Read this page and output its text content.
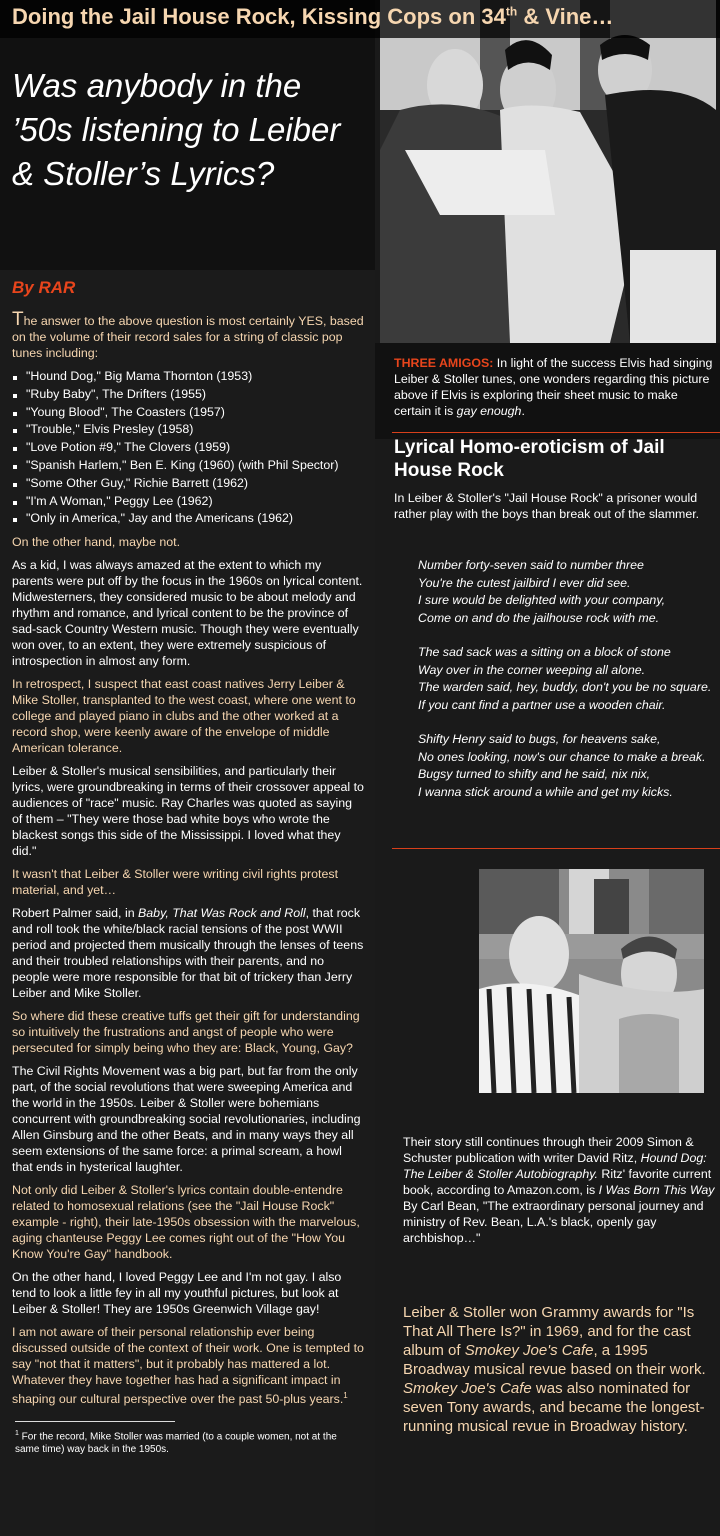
Doing the Jail House Rock, Kissing Cops on 34th & Vine…
Was anybody in the ’50s listening to Leiber & Stoller’s Lyrics?
By RAR

The answer to the above question is most certainly YES, based on the volume of their record sales for a string of classic pop tunes including:

"Hound Dog," Big Mama Thornton (1953)
"Ruby Baby", The Drifters (1955)
"Young Blood", The Coasters (1957)
"Trouble," Elvis Presley (1958)
"Love Potion #9," The Clovers (1959)
"Spanish Harlem," Ben E. King (1960) (with Phil Spector)
"Some Other Guy," Richie Barrett (1962)
"I'm A Woman," Peggy Lee (1962)
"Only in America," Jay and the Americans (1962)

On the other hand, maybe not.

As a kid, I was always amazed at the extent to which my parents were put off by the focus in the 1960s on lyrical content. Midwesterners, they considered music to be about melody and rhythm and romance, and lyrical content to be the province of sad-sack Country Western music. Though they were eventually won over, to an extent, they were extremely suspicious of introspection in almost any form.

In retrospect, I suspect that east coast natives Jerry Leiber & Mike Stoller, transplanted to the west coast, where one went to college and played piano in clubs and the other worked at a record shop, were keenly aware of the envelope of middle American tolerance.

Leiber & Stoller's musical sensibilities, and particularly their lyrics, were groundbreaking in terms of their crossover appeal to audiences of "race" music. Ray Charles was quoted as saying of them – "They were those bad white boys who wrote the blackest songs this side of the Mississippi. I loved what they did."

It wasn't that Leiber & Stoller were writing civil rights protest material, and yet…

Robert Palmer said, in Baby, That Was Rock and Roll, that rock and roll took the white/black racial tensions of the post WWII period and projected them musically through the lenses of teens and their troubled relationships with their parents, and no people were more responsible for that bit of trickery than Jerry Leiber and Mike Stoller.

So where did these creative tuffs get their gift for understanding so intuitively the frustrations and angst of people who were persecuted for simply being who they are: Black, Young, Gay?

The Civil Rights Movement was a big part, but far from the only part, of the social revolutions that were sweeping America and the world in the 1950s. Leiber & Stoller were bohemians concurrent with groundbreaking social revolutionaries, including Allen Ginsburg and the other Beats, and in many ways they all seem extensions of the same force: a primal scream, a howl that ends in hysterical laughter.

Not only did Leiber & Stoller's lyrics contain double-entendre related to homosexual relations (see the "Jail House Rock" example - right), their late-1950s obsession with the marvelous, aging chanteuse Peggy Lee comes right out of the "How You Know You're Gay" handbook.

On the other hand, I loved Peggy Lee and I'm not gay. I also tend to look a little fey in all my youthful pictures, but look at Leiber & Stoller! They are 1950s Greenwich Village gay!

I am not aware of their personal relationship ever being discussed outside of the context of their work. One is tempted to say "not that it matters", but it probably has mattered a lot. Whatever they have together has had a significant impact in shaping our cultural perspective over the past 50-plus years.$^1$

$^1$ For the record, Mike Stoller was married (to a couple women, not at the same time) way back in the 1950s.
THREE AMIGOS: In light of the success Elvis had singing Leiber & Stoller tunes, one wonders regarding this picture above if Elvis is exploring their sheet music to make certain it is gay enough.
Lyrical Homo-eroticism of Jail House Rock
In Leiber & Stoller's "Jail House Rock" a prisoner would rather play with the boys than break out of the slammer.
Number forty-seven said to number three
You're the cutest jailbird I ever did see.
I sure would be delighted with your company,
Come on and do the jailhouse rock with me.
The sad sack was a sitting on a block of stone
Way over in the corner weeping all alone.
The warden said, hey, buddy, don't you be no square.
If you cant find a partner use a wooden chair.
Shifty Henry said to bugs, for heavens sake,
No ones looking, now's our chance to make a break.
Bugsy turned to shifty and he said, nix nix,
I wanna stick around a while and get my kicks.
Their story still continues through their 2009 Simon & Schuster publication with writer David Ritz, Hound Dog: The Leiber & Stoller Autobiography. Ritz' favorite current book, according to Amazon.com, is I Was Born This Way By Carl Bean, "The extraordinary personal journey and ministry of Rev. Bean, L.A.'s black, openly gay archbishop…"
Leiber & Stoller won Grammy awards for "Is That All There Is?" in 1969, and for the cast album of Smokey Joe's Cafe, a 1995 Broadway musical revue based on their work. Smokey Joe's Cafe was also nominated for seven Tony awards, and became the longest-running musical revue in Broadway history.
